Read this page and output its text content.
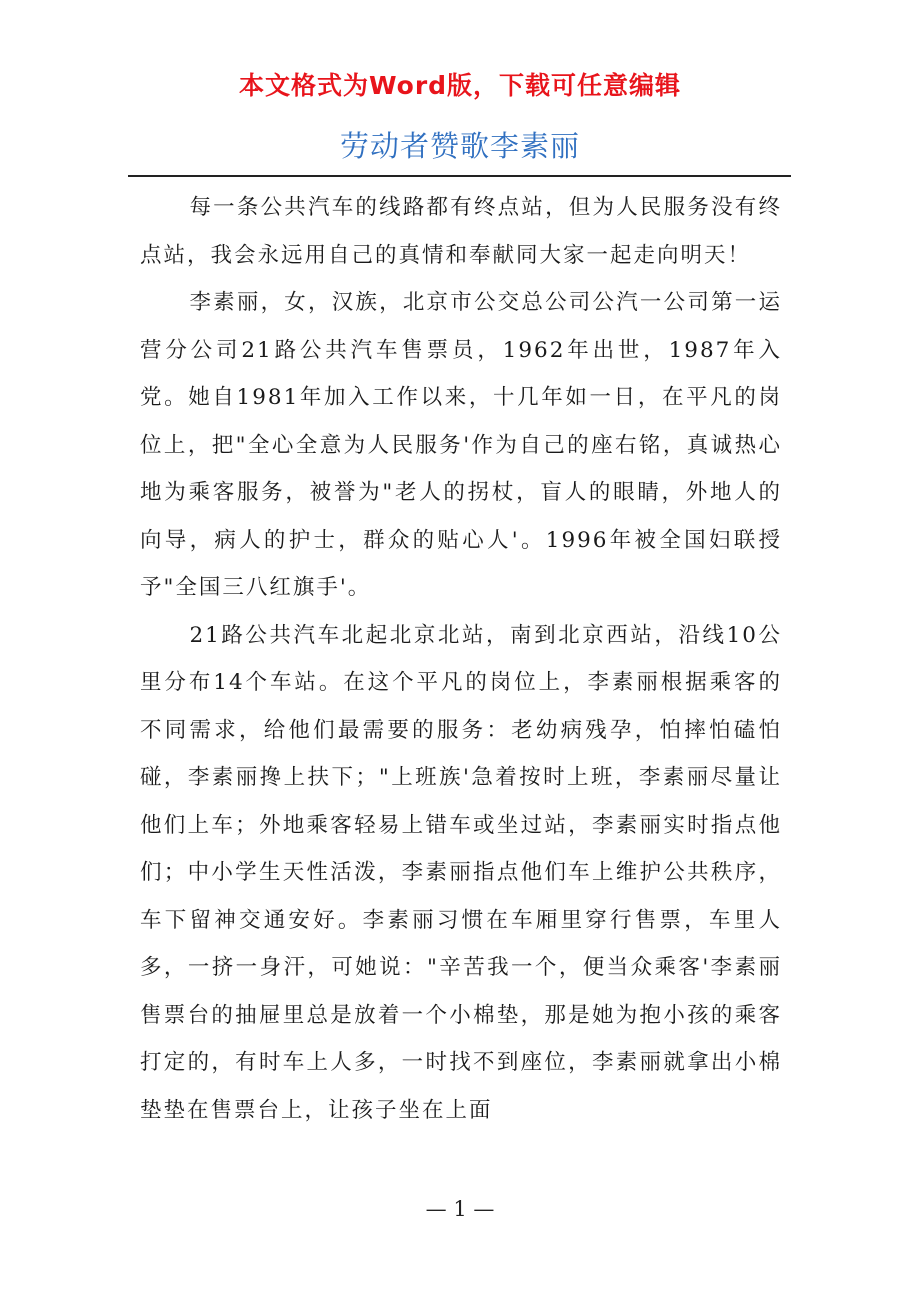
本文格式为Word版，下载可任意编辑
劳动者赞歌李素丽

每一条公共汽车的线路都有终点站，但为人民服务没有终点站，我会永远用自己的真情和奉献同大家一起走向明天！

李素丽，女，汉族，北京市公交总公司公汽一公司第一运营分公司21路公共汽车售票员，1962年出世，1987年入党。她自1981年加入工作以来，十几年如一日，在平凡的岗位上，把"全心全意为人民服务'作为自己的座右铭，真诚热心地为乘客服务，被誉为"老人的拐杖，盲人的眼睛，外地人的向导，病人的护士，群众的贴心人'。1996年被全国妇联授予"全国三八红旗手'。

21路公共汽车北起北京北站，南到北京西站，沿线10公里分布14个车站。在这个平凡的岗位上，李素丽根据乘客的不同需求，给他们最需要的服务：老幼病残孕，怕摔怕磕怕碰，李素丽搀上扶下；"上班族'急着按时上班，李素丽尽量让他们上车；外地乘客轻易上错车或坐过站，李素丽实时指点他们；中小学生天性活泼，李素丽指点他们车上维护公共秩序，车下留神交通安好。李素丽习惯在车厢里穿行售票，车里人多，一挤一身汗，可她说："辛苦我一个，便当众乘客'李素丽售票台的抽屉里总是放着一个小棉垫，那是她为抱小孩的乘客打定的，有时车上人多，一时找不到座位，李素丽就拿出小棉垫垫在售票台上，让孩子坐在上面

— 1 —
